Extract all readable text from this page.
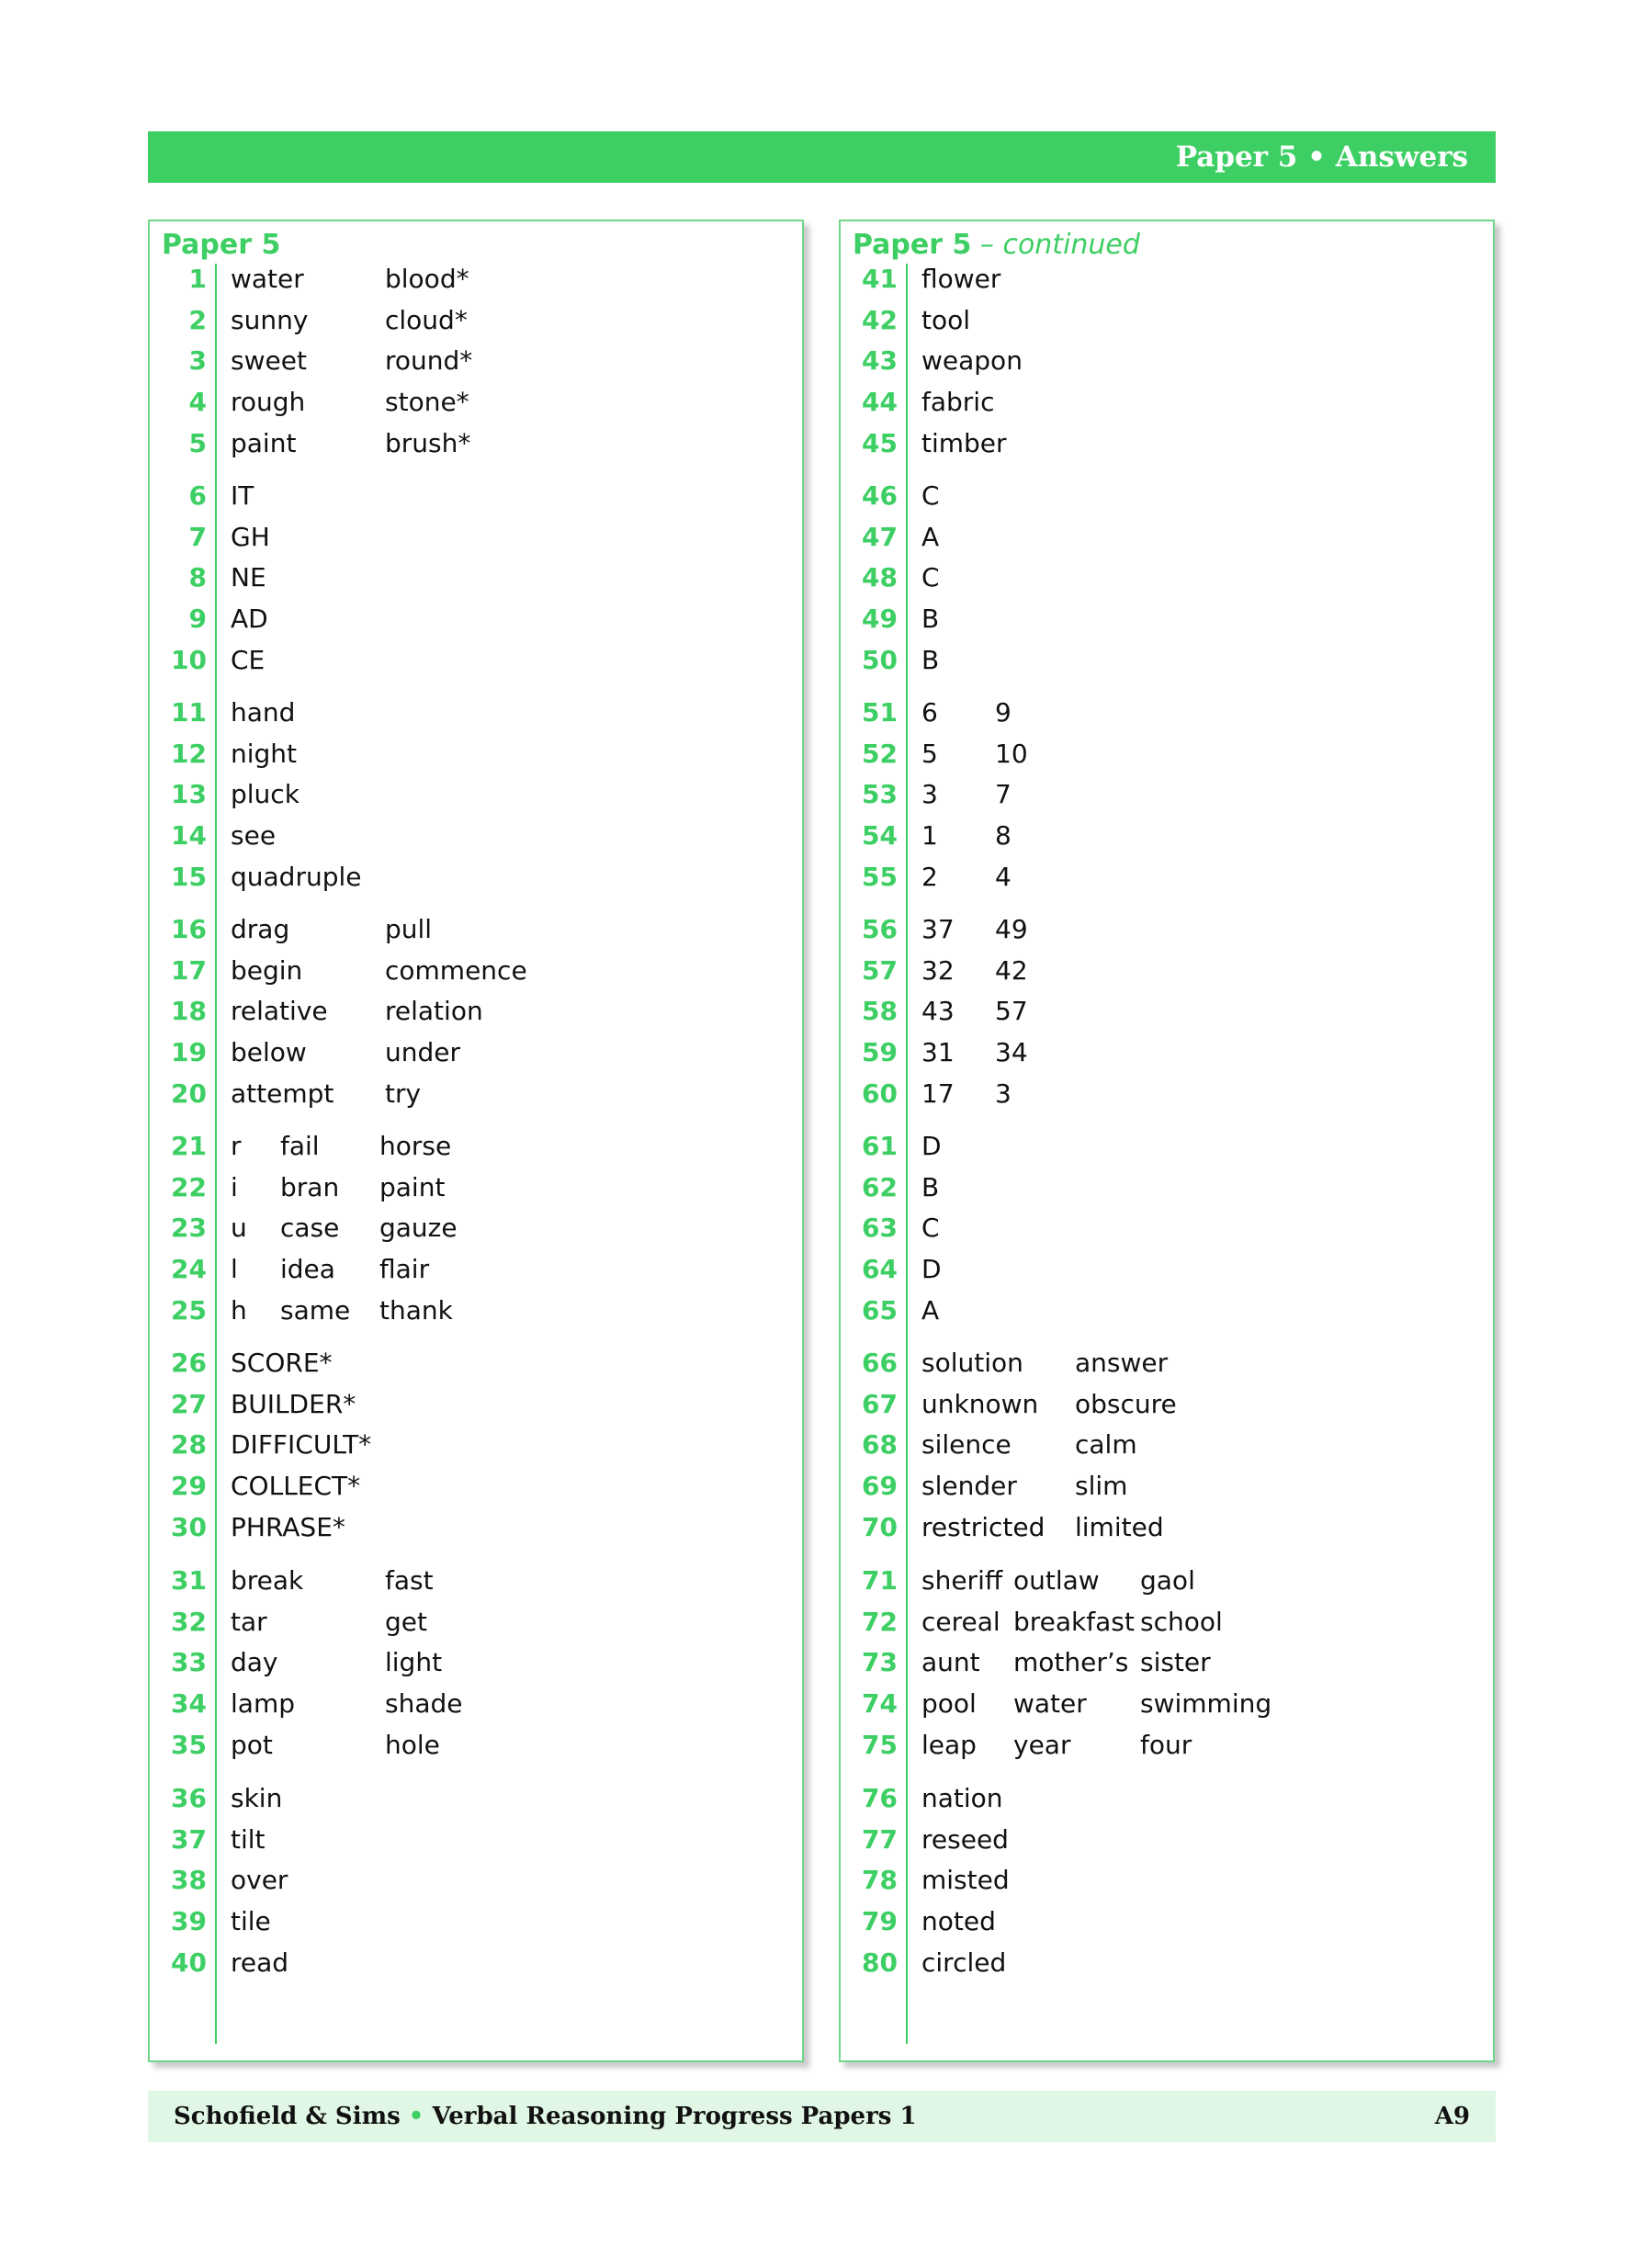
Paper 5 • Answers
Paper 5
1 water	blood*
2 sunny	cloud*
3 sweet	round*
4 rough	stone*
5 paint	brush*
6 IT
7 GH
8 NE
9 AD
10 CE
11 hand
12 night
13 pluck
14 see
15 quadruple
16 drag	pull
17 begin	commence
18 relative relation
19 below	under
20 attempt try
21 r fail horse
22 i bran paint
23 u case gauze
24 l idea flair
25 h same thank
26 SCORE*
27 BUILDER*
28 DIFFICULT*
29 COLLECT*
30 PHRASE*
31 break	fast
32 tar	get
33 day	light
34 lamp	shade
35 pot	hole
36 skin
37 tilt
38 over
39 tile
40 read
Paper 5 – continued
41 flower
42 tool
43 weapon
44 fabric
45 timber
46 C
47 A
48 C
49 B
50 B
51 6 9
52 5 10
53 3 7
54 1 8
55 2 4
56 37 49
57 32 42
58 43 57
59 31 34
60 17 3
61 D
62 B
63 C
64 D
65 A
66 solution answer
67 unknown obscure
68 silence calm
69 slender slim
70 restricted limited
71 sheriff outlaw gaol
72 cereal breakfast school
73 aunt mother’s sister
74 pool water swimming
75 leap year	four
76 nation
77 reseed
78 misted
79 noted
80 circled
Schofield & Sims • Verbal Reasoning Progress Papers 1	A9
